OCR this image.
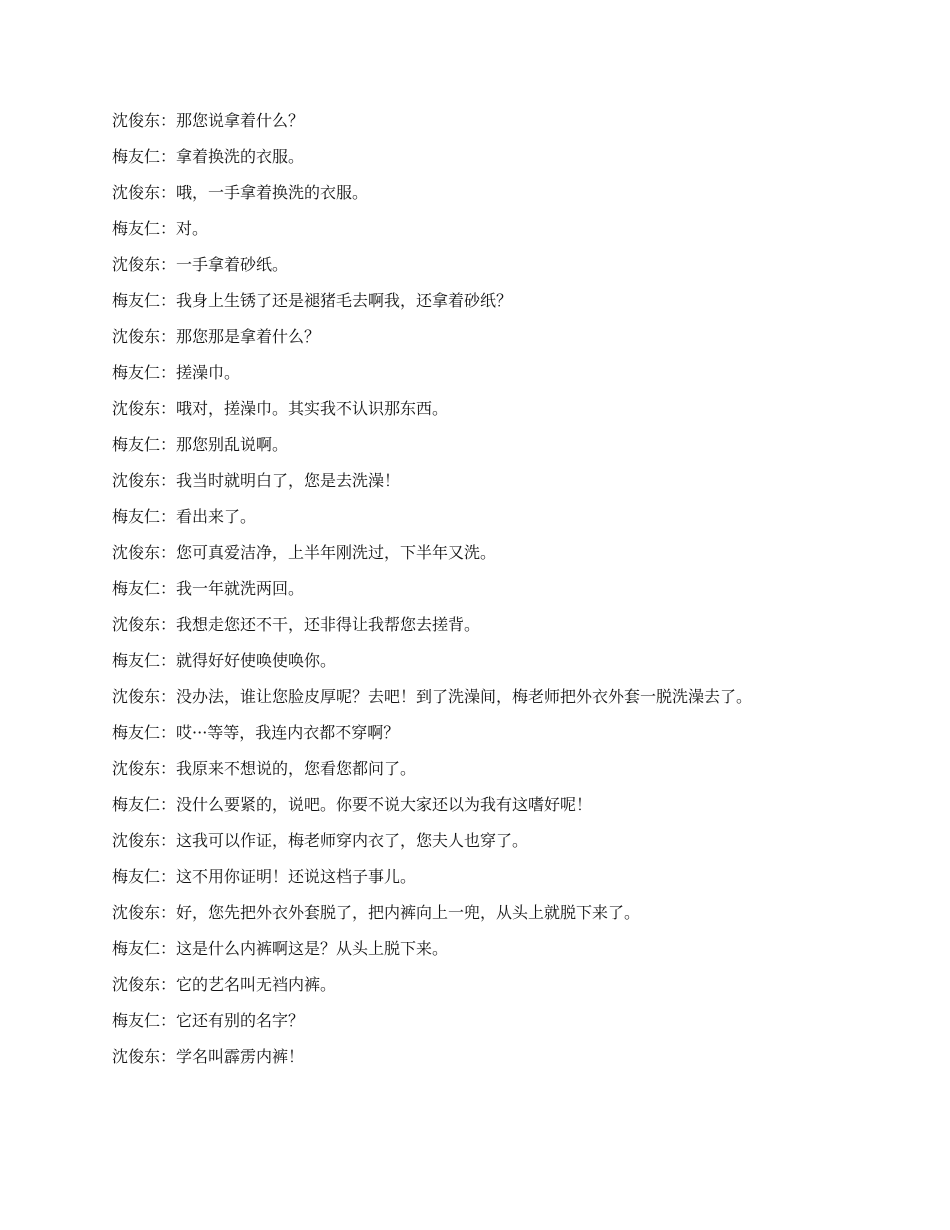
沈俊东：那您说拿着什么？
梅友仁：拿着换洗的衣服。
沈俊东：哦，一手拿着换洗的衣服。
梅友仁：对。
沈俊东：一手拿着砂纸。
梅友仁：我身上生锈了还是褪猪毛去啊我，还拿着砂纸？
沈俊东：那您那是拿着什么？
梅友仁：搓澡巾。
沈俊东：哦对，搓澡巾。其实我不认识那东西。
梅友仁：那您别乱说啊。
沈俊东：我当时就明白了，您是去洗澡！
梅友仁：看出来了。
沈俊东：您可真爱洁净，上半年刚洗过，下半年又洗。
梅友仁：我一年就洗两回。
沈俊东：我想走您还不干，还非得让我帮您去搓背。
梅友仁：就得好好使唤使唤你。
沈俊东：没办法，谁让您脸皮厚呢？去吧！到了洗澡间，梅老师把外衣外套一脱洗澡去了。
梅友仁：哎···等等，我连内衣都不穿啊？
沈俊东：我原来不想说的，您看您都问了。
梅友仁：没什么要紧的，说吧。你要不说大家还以为我有这嗜好呢！
沈俊东：这我可以作证，梅老师穿内衣了，您夫人也穿了。
梅友仁：这不用你证明！还说这档子事儿。
沈俊东：好，您先把外衣外套脱了，把内裤向上一兜，从头上就脱下来了。
梅友仁：这是什么内裤啊这是？从头上脱下来。
沈俊东：它的艺名叫无裆内裤。
梅友仁：它还有别的名字？
沈俊东：学名叫霹雳内裤！
